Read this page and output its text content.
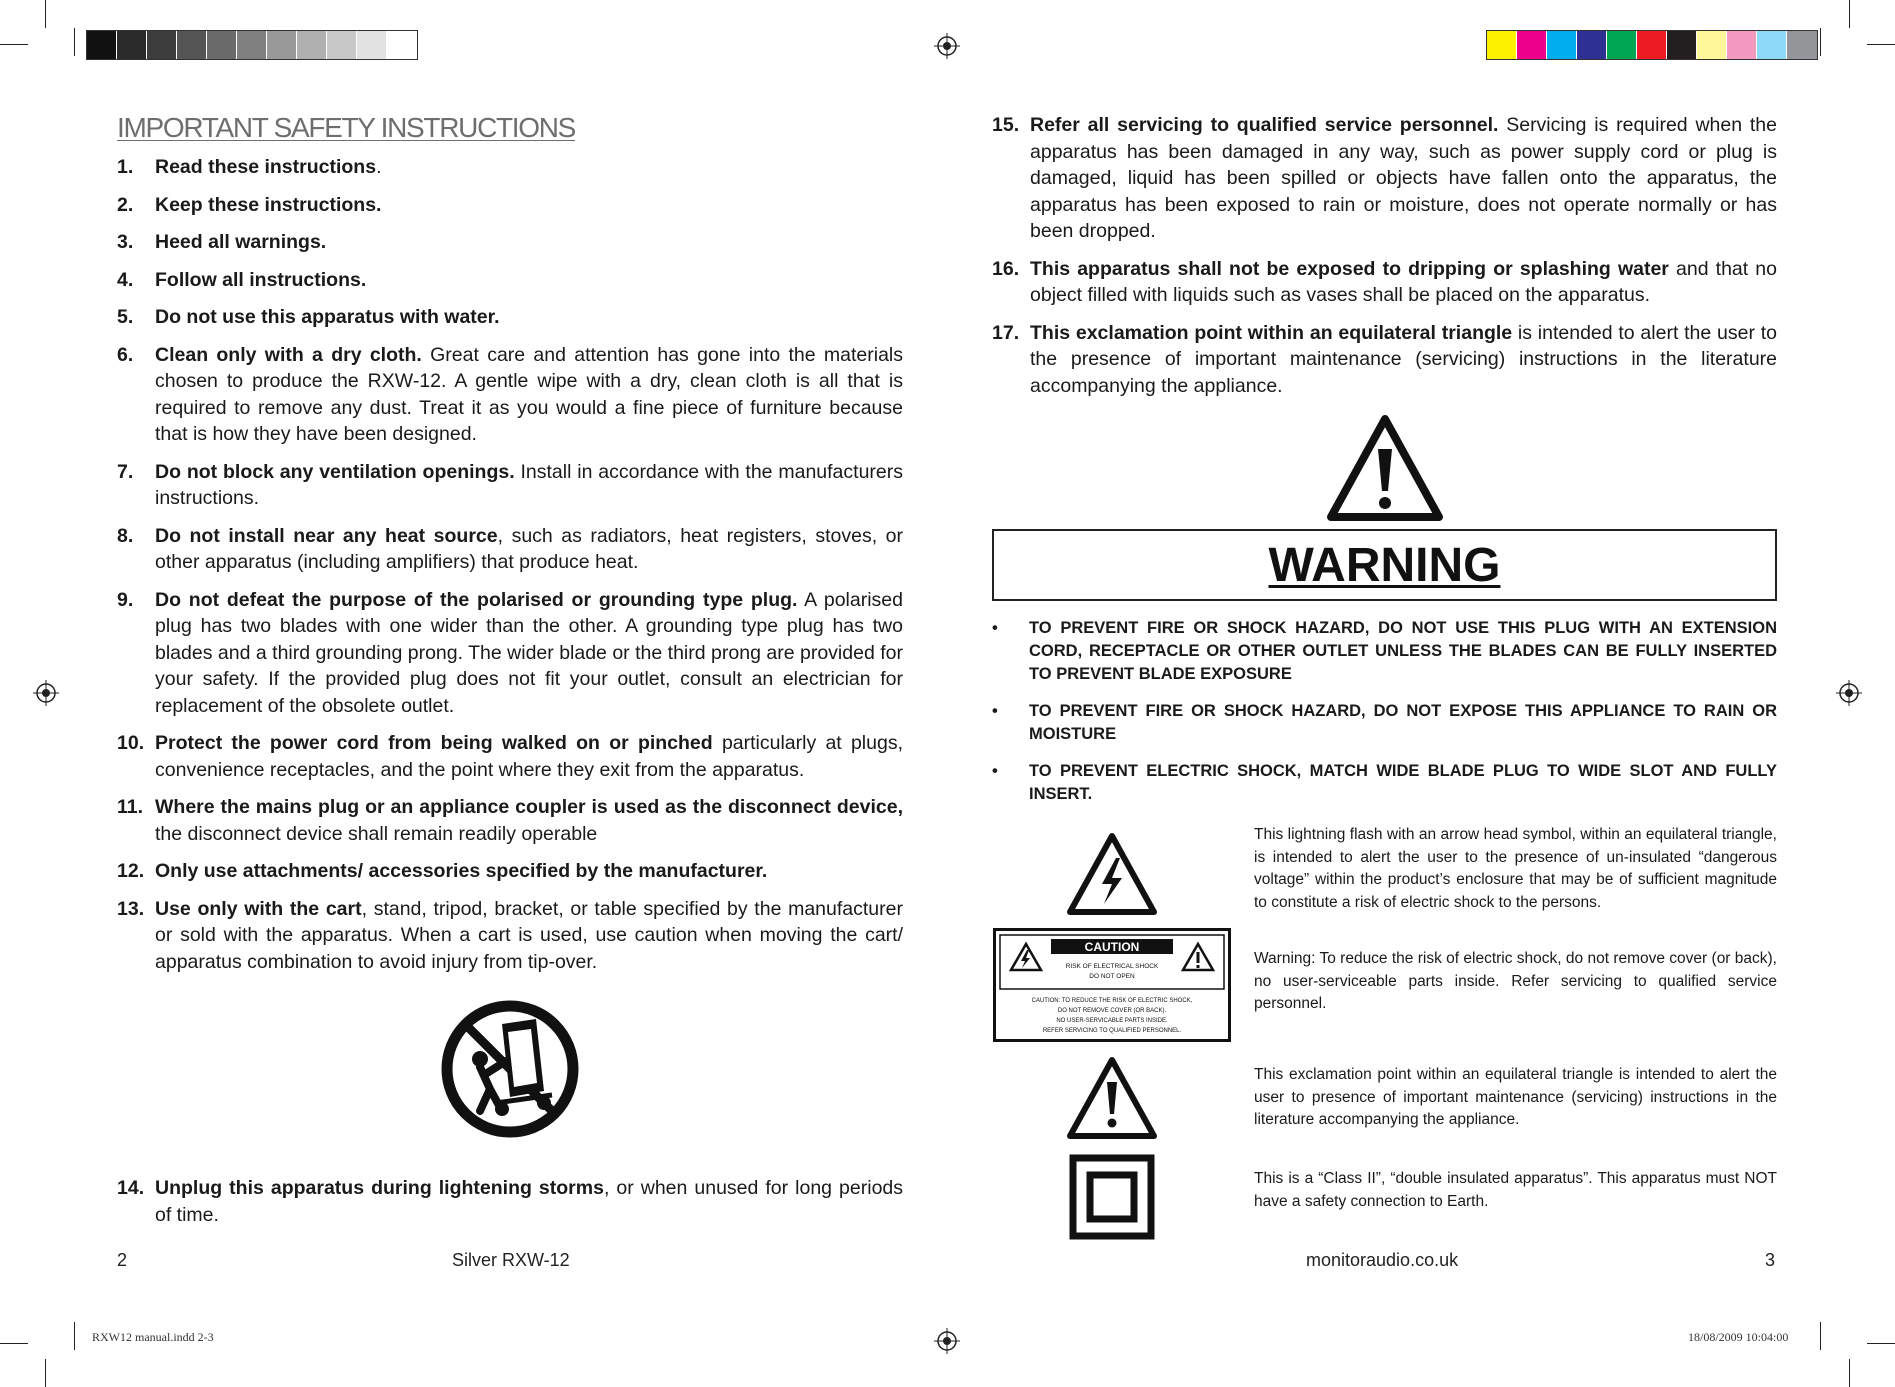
RXW12 manual.indd 2-3	18/08/2009 10:04:00
IMPORTANT SAFETY INSTRUCTIONS
1. Read these instructions.
2. Keep these instructions.
3. Heed all warnings.
4. Follow all instructions.
5. Do not use this apparatus with water.
6. Clean only with a dry cloth. Great care and attention has gone into the materials chosen to produce the RXW-12. A gentle wipe with a dry, clean cloth is all that is required to remove any dust. Treat it as you would a fine piece of furniture because that is how they have been designed.
7. Do not block any ventilation openings. Install in accordance with the manufacturers instructions.
8. Do not install near any heat source, such as radiators, heat registers, stoves, or other apparatus (including amplifiers) that produce heat.
9. Do not defeat the purpose of the polarised or grounding type plug. A polarised plug has two blades with one wider than the other. A grounding type plug has two blades and a third grounding prong. The wider blade or the third prong are provided for your safety. If the provided plug does not fit your outlet, consult an electrician for replacement of the obsolete outlet.
10. Protect the power cord from being walked on or pinched particularly at plugs, convenience receptacles, and the point where they exit from the apparatus.
11. Where the mains plug or an appliance coupler is used as the disconnect device, the disconnect device shall remain readily operable
12. Only use attachments/ accessories specified by the manufacturer.
13. Use only with the cart, stand, tripod, bracket, or table specified by the manufacturer or sold with the apparatus. When a cart is used, use caution when moving the cart/ apparatus combination to avoid injury from tip-over.
14. Unplug this apparatus during lightening storms, or when unused for long periods of time.
2	Silver RXW-12
15. Refer all servicing to qualified service personnel. Servicing is required when the apparatus has been damaged in any way, such as power supply cord or plug is damaged, liquid has been spilled or objects have fallen onto the apparatus, the apparatus has been exposed to rain or moisture, does not operate normally or has been dropped.
16. This apparatus shall not be exposed to dripping or splashing water and that no object filled with liquids such as vases shall be placed on the apparatus.
17. This exclamation point within an equilateral triangle is intended to alert the user to the presence of important maintenance (servicing) instructions in the literature accompanying the appliance.
WARNING
• TO PREVENT FIRE OR SHOCK HAZARD, DO NOT USE THIS PLUG WITH AN EXTENSION CORD, RECEPTACLE OR OTHER OUTLET UNLESS THE BLADES CAN BE FULLY INSERTED TO PREVENT BLADE EXPOSURE
• TO PREVENT FIRE OR SHOCK HAZARD, DO NOT EXPOSE THIS APPLIANCE TO RAIN OR MOISTURE
• TO PREVENT ELECTRIC SHOCK, MATCH WIDE BLADE PLUG TO WIDE SLOT AND FULLY INSERT.
This lightning flash with an arrow head symbol, within an equilateral triangle, is intended to alert the user to the presence of un-insulated “dangerous voltage” within the product’s enclosure that may be of sufficient magnitude to constitute a risk of electric shock to the persons.
CAUTION
RISK OF ELECTRICAL SHOCK
DO NOT OPEN
CAUTION: TO REDUCE THE RISK OF ELECTRIC SHOCK,
DO NOT REMOVE COVER (OR BACK).
NO USER-SERVICABLE PARTS INSIDE.
REFER SERVICING TO QUALIFIED PERSONNEL.
Warning: To reduce the risk of electric shock, do not remove cover (or back), no user-serviceable parts inside. Refer servicing to qualified service personnel.
This exclamation point within an equilateral triangle is intended to alert the user to presence of important maintenance (servicing) instructions in the literature accompanying the appliance.
This is a “Class II”, “double insulated apparatus”. This apparatus must NOT have a safety connection to Earth.
monitoraudio.co.uk	3
